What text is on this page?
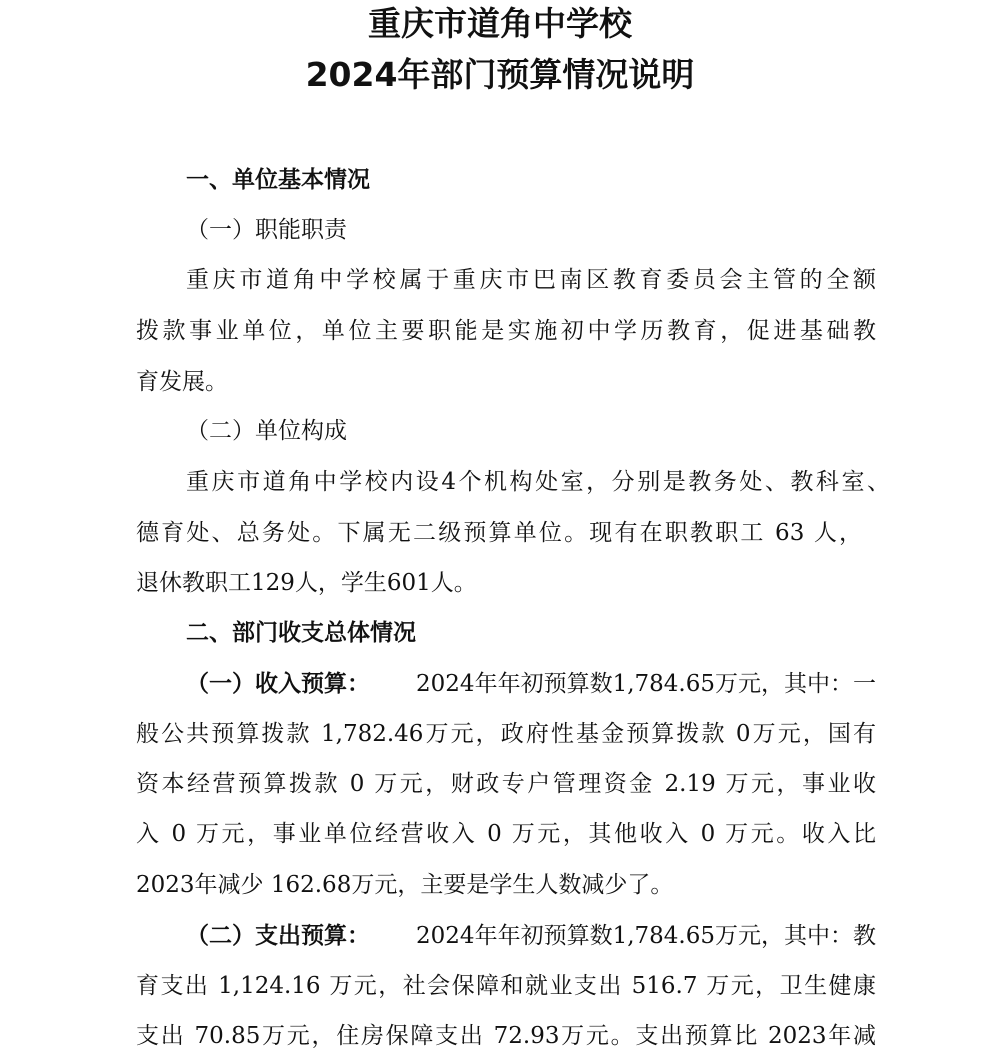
重庆市道角中学校
2024年部门预算情况说明
一、单位基本情况
（一）职能职责
重庆市道角中学校属于重庆市巴南区教育委员会主管的全额
拨款事业单位，单位主要职能是实施初中学历教育，促进基础教
育发展。
（二）单位构成
重庆市道角中学校内设4个机构处室，分别是教务处、教科室、
德育处、总务处。下属无二级预算单位。现有在职教职工 63 人，
退休教职工129人，学生601人。
二、部门收支总体情况
（一）收入预算： 2024年年初预算数1,784.65万元，其中：一
般公共预算拨款 1,782.46万元，政府性基金预算拨款 0万元，国有
资本经营预算拨款 0 万元，财政专户管理资金 2.19 万元，事业收
入 0 万元，事业单位经营收入 0 万元，其他收入 0 万元。收入比
2023年减少 162.68万元，主要是学生人数减少了。
（二）支出预算： 2024年年初预算数1,784.65万元，其中：教
育支出 1,124.16 万元，社会保障和就业支出 516.7 万元，卫生健康
支出 70.85万元，住房保障支出 72.93万元。支出预算比 2023年减
